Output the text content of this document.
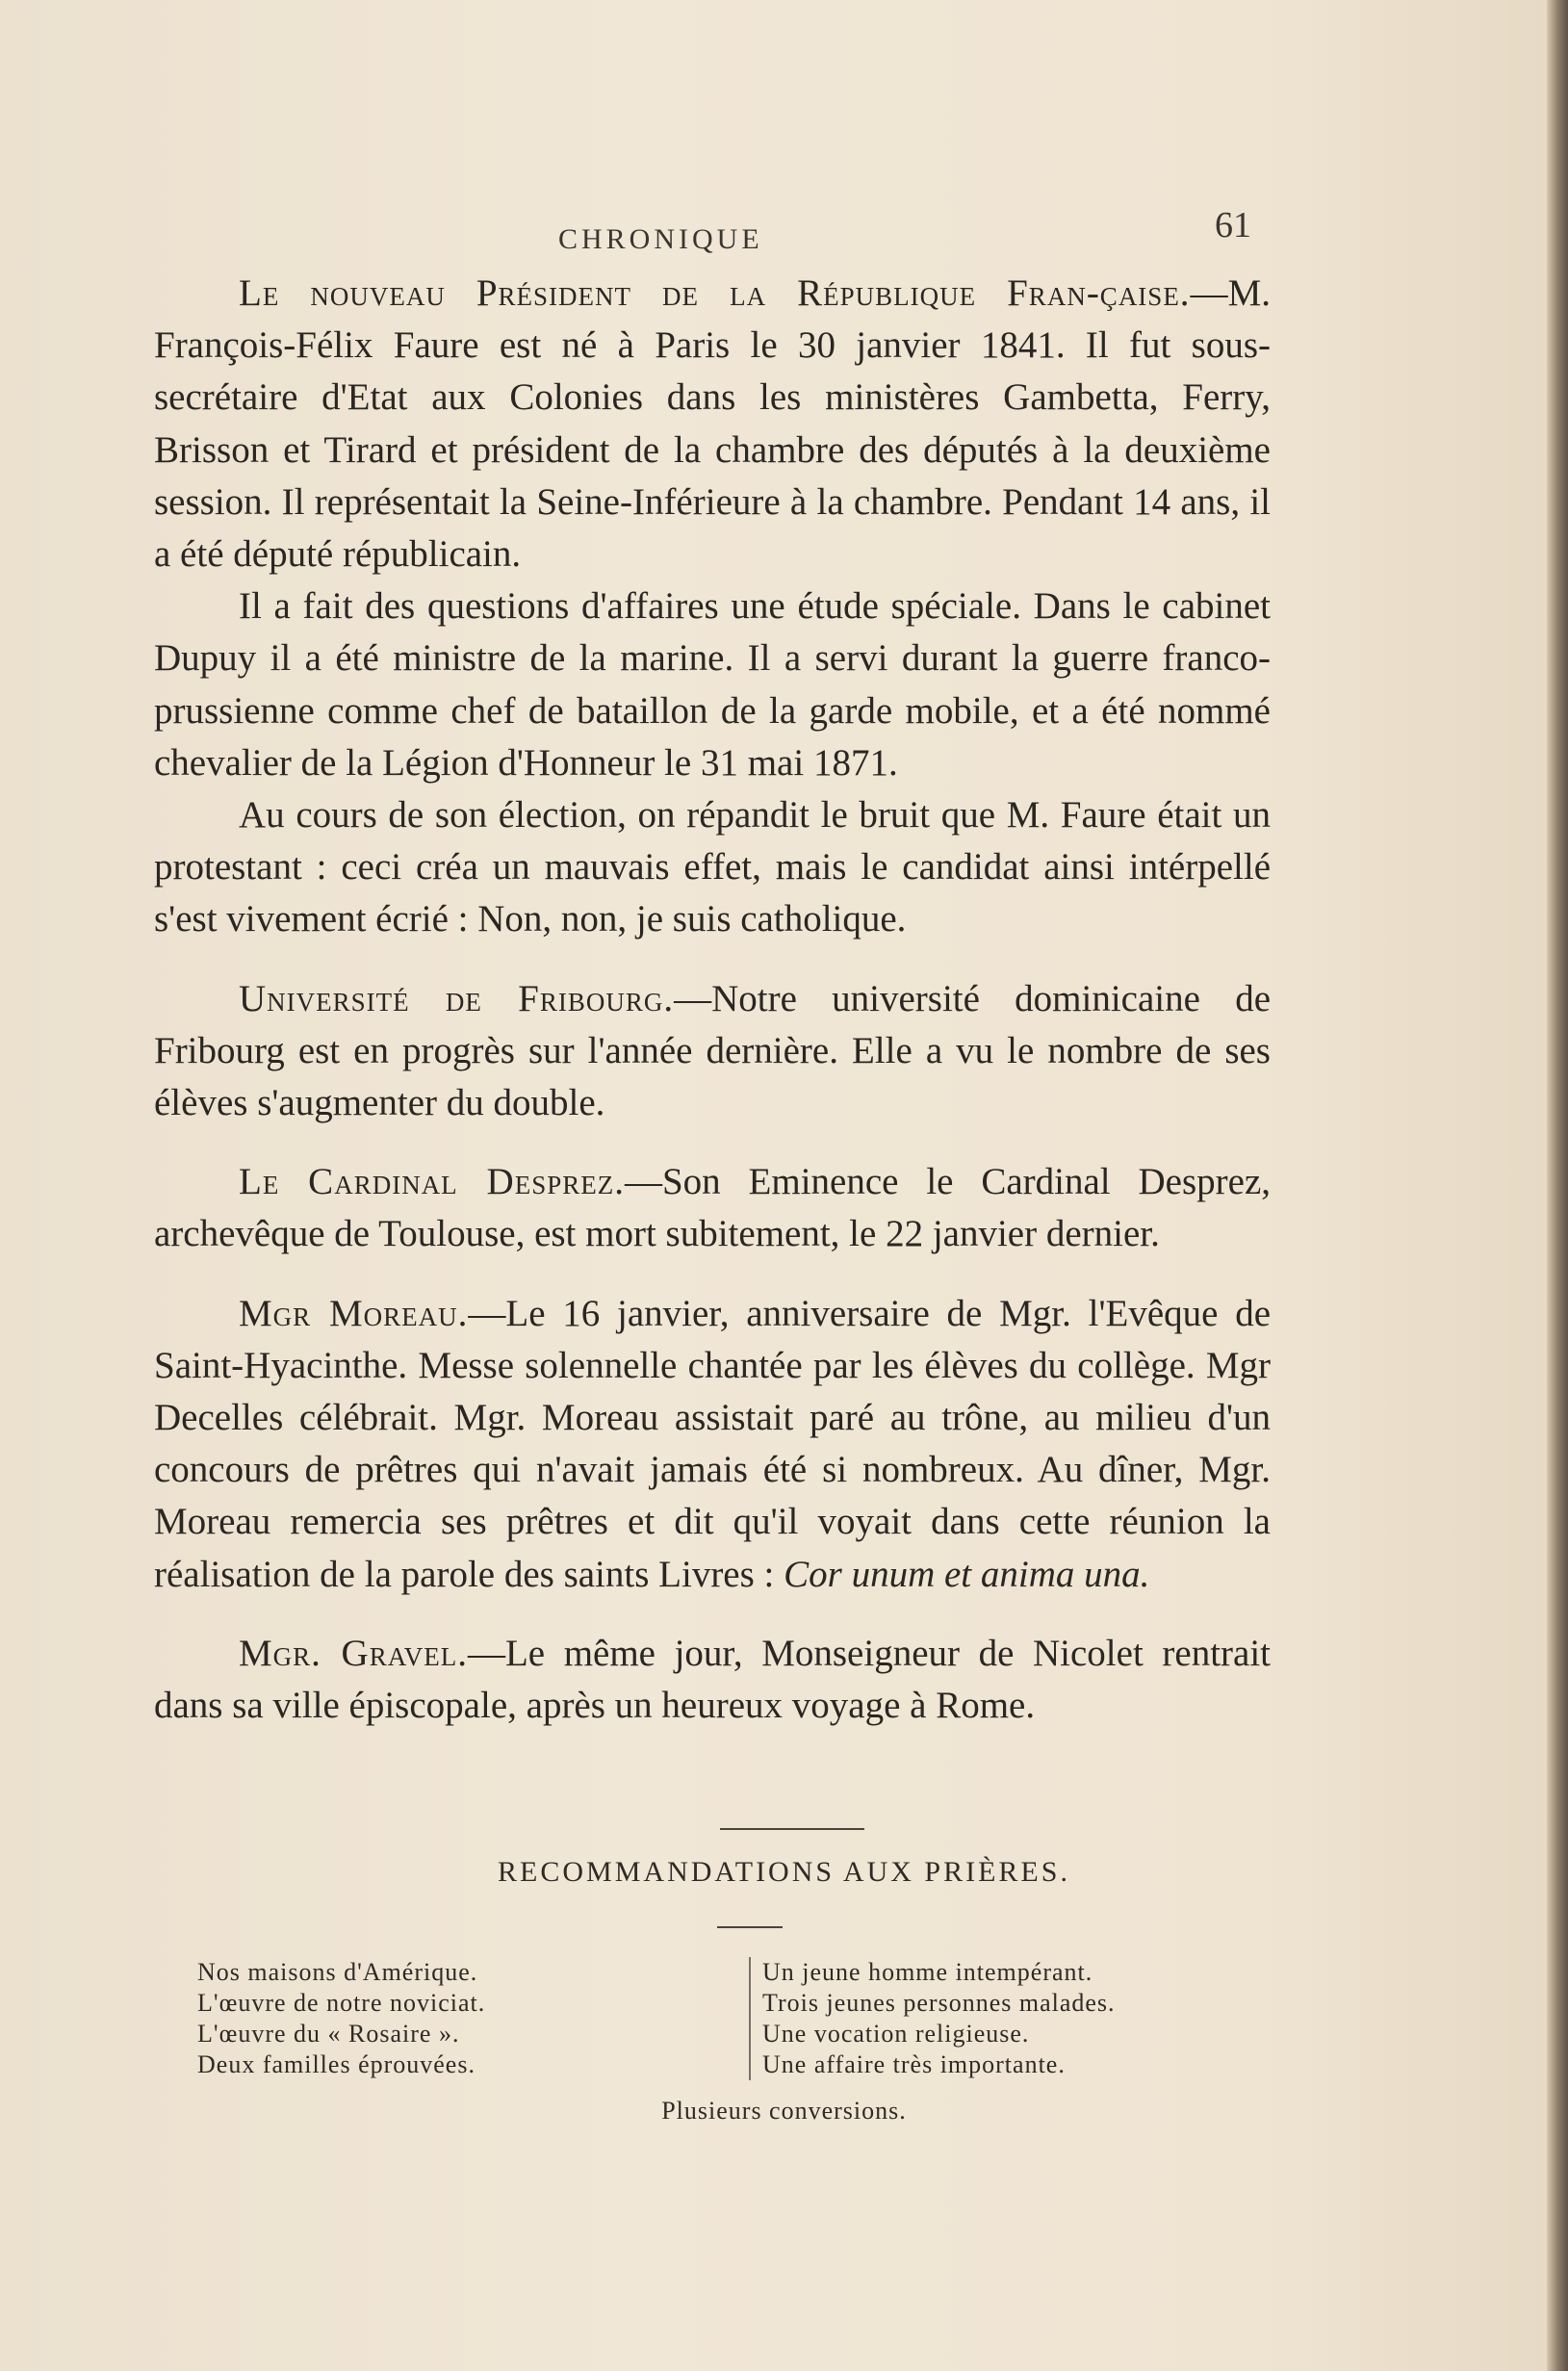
CHRONIQUE	61

Le nouveau Président de la République Fran-çaise.—M. François-Félix Faure est né à Paris le 30 janvier 1841. Il fut sous-secrétaire d'Etat aux Colonies dans les ministères Gambetta, Ferry, Brisson et Tirard et président de la chambre des députés à la deuxième session. Il représentait la Seine-Inférieure à la chambre. Pendant 14 ans, il a été député républicain.

Il a fait des questions d'affaires une étude spéciale. Dans le cabinet Dupuy il a été ministre de la marine. Il a servi durant la guerre franco-prussienne comme chef de bataillon de la garde mobile, et a été nommé chevalier de la Légion d'Honneur le 31 mai 1871.

Au cours de son élection, on répandit le bruit que M. Faure était un protestant : ceci créa un mauvais effet, mais le candidat ainsi intérpellé s'est vivement écrié : Non, non, je suis catholique.

Université de Fribourg.—Notre université dominicaine de Fribourg est en progrès sur l'année dernière. Elle a vu le nombre de ses élèves s'augmenter du double.

Le Cardinal Desprez.—Son Eminence le Cardinal Desprez, archevêque de Toulouse, est mort subitement, le 22 janvier dernier.

Mgr Moreau.—Le 16 janvier, anniversaire de Mgr. l'Evêque de Saint-Hyacinthe. Messe solennelle chantée par les élèves du collège. Mgr Decelles célébrait. Mgr. Moreau assistait paré au trône, au milieu d'un concours de prêtres qui n'avait jamais été si nombreux. Au dîner, Mgr. Moreau remercia ses prêtres et dit qu'il voyait dans cette réunion la réalisation de la parole des saints Livres : Cor unum et anima una.

Mgr. Gravel.—Le même jour, Monseigneur de Nicolet rentrait dans sa ville épiscopale, après un heureux voyage à Rome.

RECOMMANDATIONS AUX PRIÈRES.
Nos maisons d'Amérique.
L'œuvre de notre noviciat.
L'œuvre du « Rosaire ».
Deux familles éprouvées.
Un jeune homme intempérant.
Trois jeunes personnes malades.
Une vocation religieuse.
Une affaire très importante.
Plusieurs conversions.
